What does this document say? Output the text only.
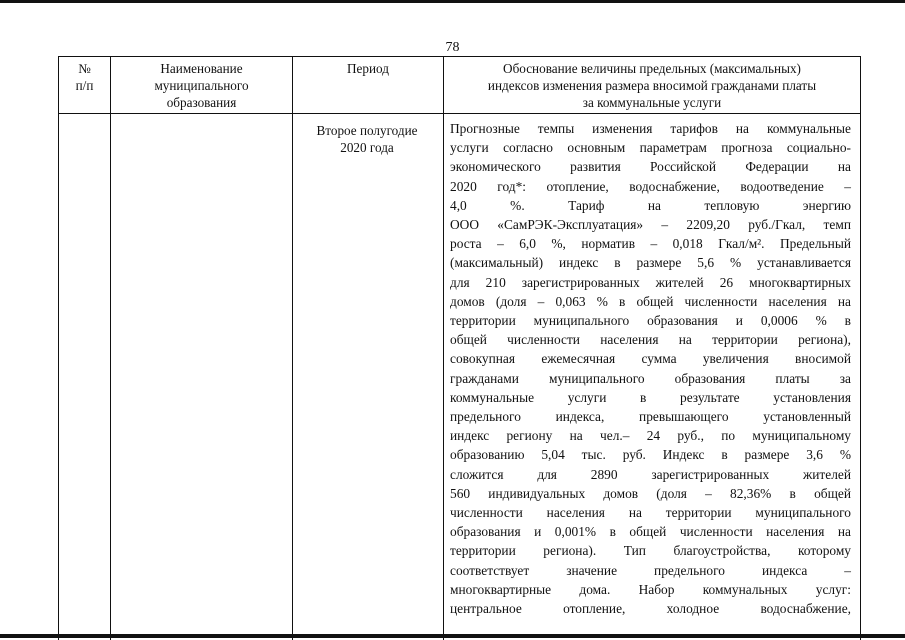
78
№
п/п
Наименование
муниципального
образования
Период	Обоснование величины предельных (максимальных)
индексов изменения размера вносимой гражданами платы
за коммунальные услуги
Второе полугодие
2020 года
Прогнозные темпы изменения тарифов на коммунальные
услуги согласно основным параметрам прогноза социально-
экономического развития Российской Федерации на
2020 год*: отопление, водоснабжение, водоотведение –
4,0 %. Тариф на тепловую энергию
ООО «СамРЭК-Эксплуатация» – 2209,20 руб./Гкал, темп
роста – 6,0 %, норматив – 0,018 Гкал/м². Предельный
(максимальный) индекс в размере 5,6 % устанавливается
для 210 зарегистрированных жителей 26 многоквартирных
домов (доля – 0,063 % в общей численности населения на
территории муниципального образования и 0,0006 % в
общей численности населения на территории региона),
совокупная ежемесячная сумма увеличения вносимой
гражданами муниципального образования платы за
коммунальные услуги в результате установления
предельного индекса, превышающего установленный
индекс регионy на чел.– 24 руб., по муниципальному
образованию 5,04 тыс. руб. Индекс в размере 3,6 %
сложится для 2890 зарегистрированных жителей
560 индивидуальных домов (доля – 82,36% в общей
численности населения на территории муниципального
образования и 0,001% в общей численности населения на
территории региона). Тип благоустройства, которому
соответствует значение предельного индекса –
многоквартирные дома. Набор коммунальных услуг:
центральное отопление, холодное водоснабжение,
